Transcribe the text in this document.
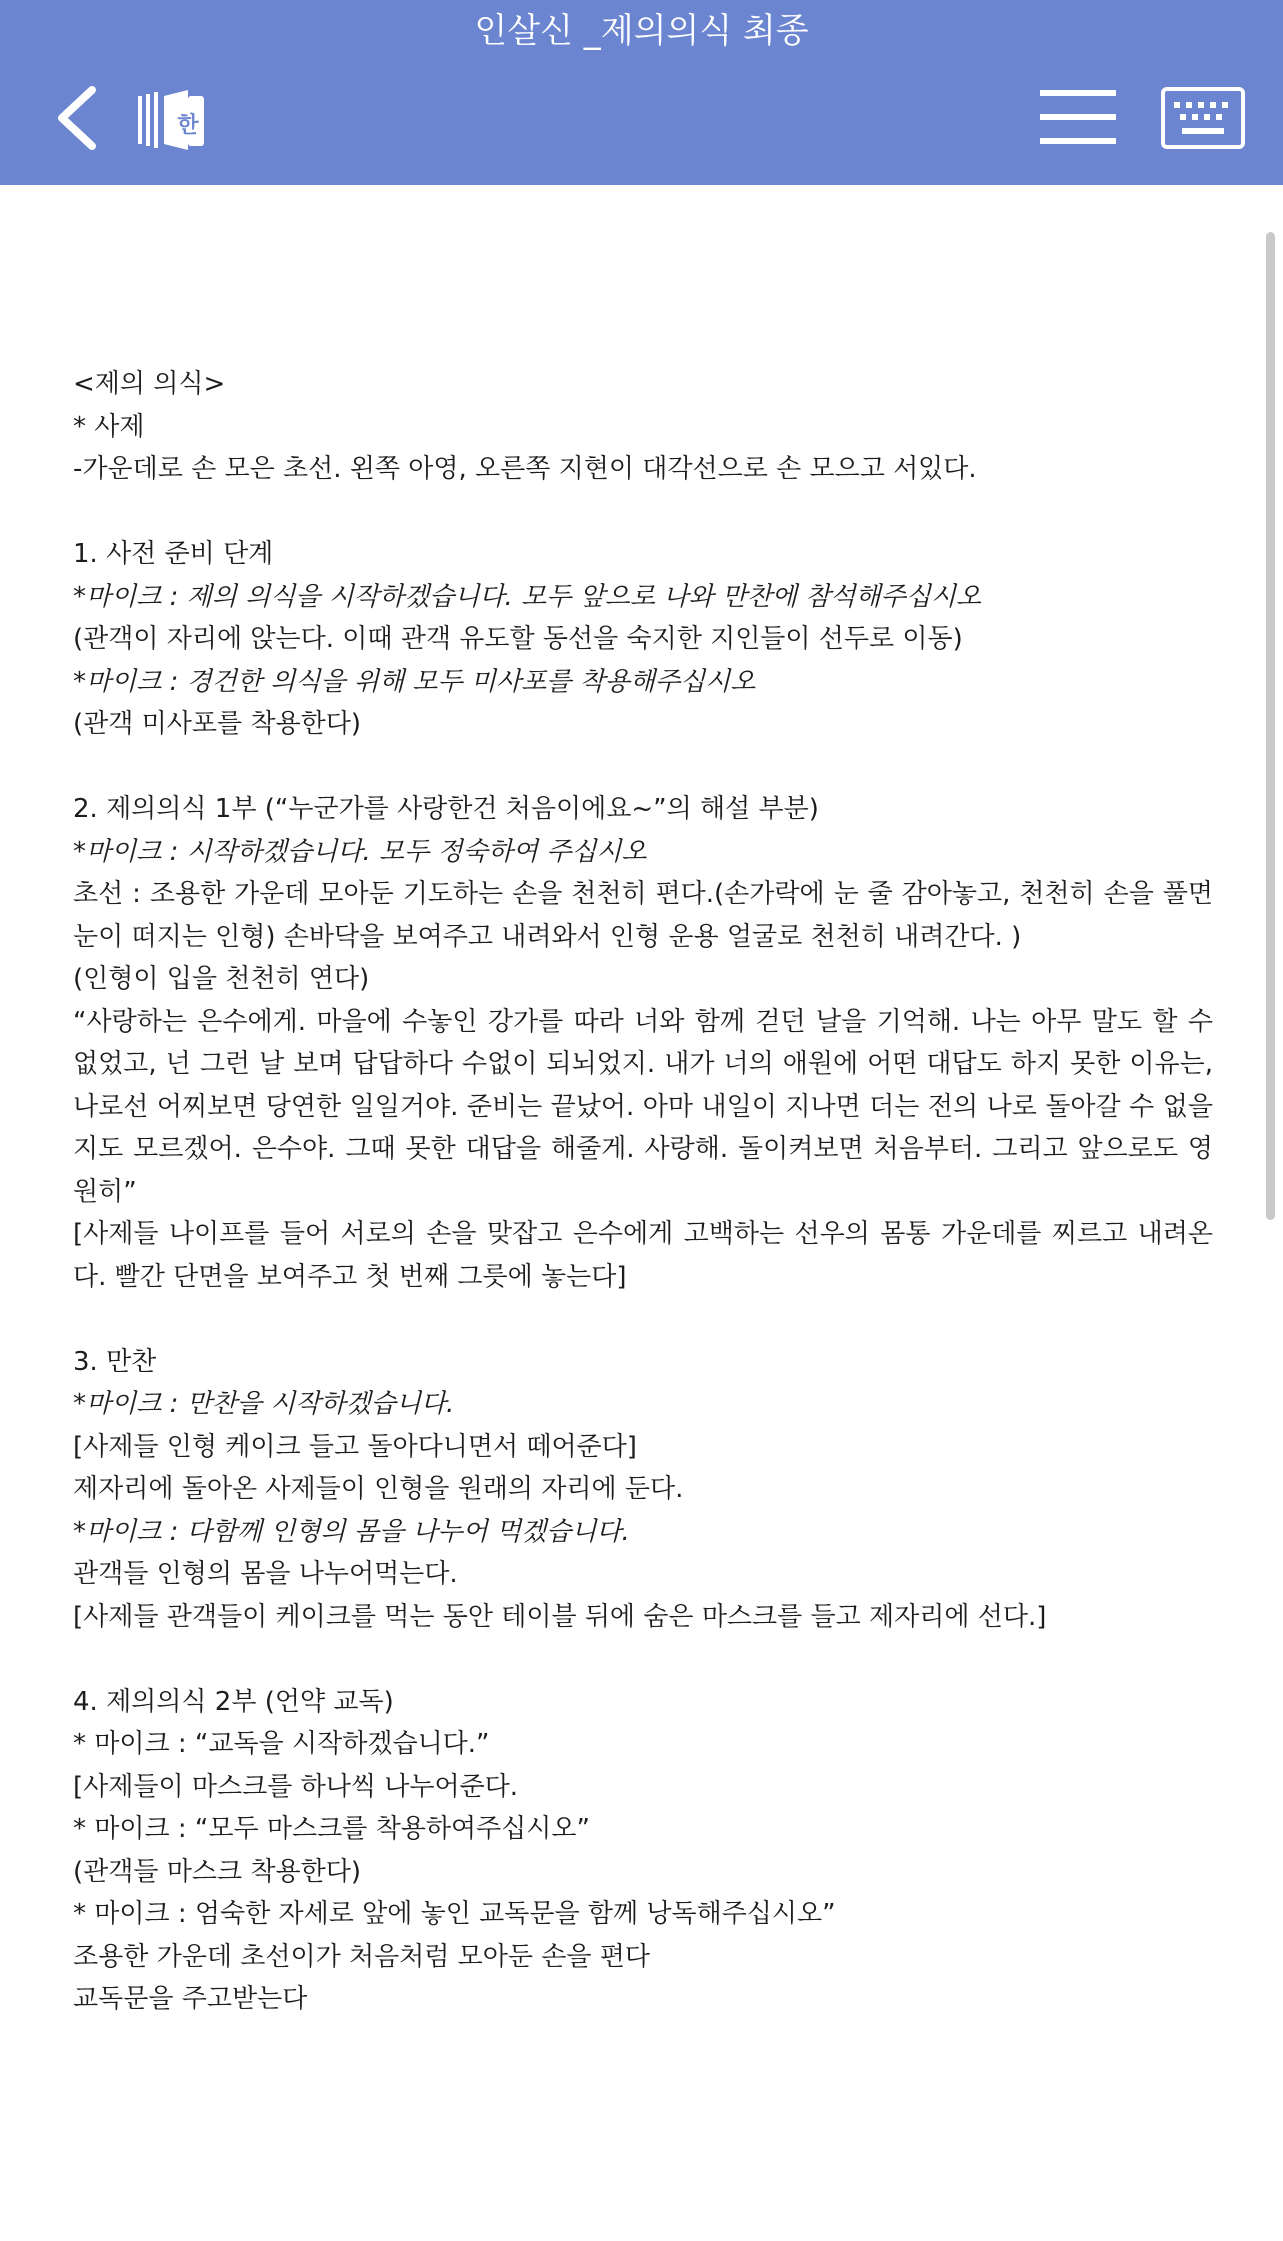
인살신 _제의의식 최종
한
<제의 의식>
* 사제
-가운데로 손 모은 초선. 왼쪽 아영, 오른쪽 지현이 대각선으로 손 모으고 서있다.
1. 사전 준비 단계
*마이크 : 제의 의식을 시작하겠습니다. 모두 앞으로 나와 만찬에 참석해주십시오
(관객이 자리에 앉는다. 이때 관객 유도할 동선을 숙지한 지인들이 선두로 이동)
*마이크 : 경건한 의식을 위해 모두 미사포를 착용해주십시오
(관객 미사포를 착용한다)
2. 제의의식 1부 (“누군가를 사랑한건 처음이에요~”의 해설 부분)
*마이크 : 시작하겠습니다. 모두 정숙하여 주십시오
초선 : 조용한 가운데 모아둔 기도하는 손을 천천히 편다.(손가락에 눈 줄 감아놓고, 천천히 손을 풀면 눈이 떠지는 인형) 손바닥을 보여주고 내려와서 인형 운용 얼굴로 천천히 내려간다. )
(인형이 입을 천천히 연다)
“사랑하는 은수에게. 마을에 수놓인 강가를 따라 너와 함께 걷던 날을 기억해. 나는 아무 말도 할 수 없었고, 넌 그런 날 보며 답답하다 수없이 되뇌었지. 내가 너의 애원에 어떤 대답도 하지 못한 이유는, 나로선 어찌보면 당연한 일일거야. 준비는 끝났어. 아마 내일이 지나면 더는 전의 나로 돌아갈 수 없을지도 모르겠어. 은수야. 그때 못한 대답을 해줄게. 사랑해. 돌이켜보면 처음부터. 그리고 앞으로도 영원히”
[사제들 나이프를 들어 서로의 손을 맞잡고 은수에게 고백하는 선우의 몸통 가운데를 찌르고 내려온다. 빨간 단면을 보여주고 첫 번째 그릇에 놓는다]
3. 만찬
*마이크 : 만찬을 시작하겠습니다.
[사제들 인형 케이크 들고 돌아다니면서 떼어준다]
제자리에 돌아온 사제들이 인형을 원래의 자리에 둔다.
*마이크 : 다함께 인형의 몸을 나누어 먹겠습니다.
관객들 인형의 몸을 나누어먹는다.
[사제들 관객들이 케이크를 먹는 동안 테이블 뒤에 숨은 마스크를 들고 제자리에 선다.]
4. 제의의식 2부 (언약 교독)
* 마이크 : “교독을 시작하겠습니다.”
[사제들이 마스크를 하나씩 나누어준다.
* 마이크 : “모두 마스크를 착용하여주십시오”
(관객들 마스크 착용한다)
* 마이크 : 엄숙한 자세로 앞에 놓인 교독문을 함께 낭독해주십시오”
조용한 가운데 초선이가 처음처럼 모아둔 손을 편다
교독문을 주고받는다
